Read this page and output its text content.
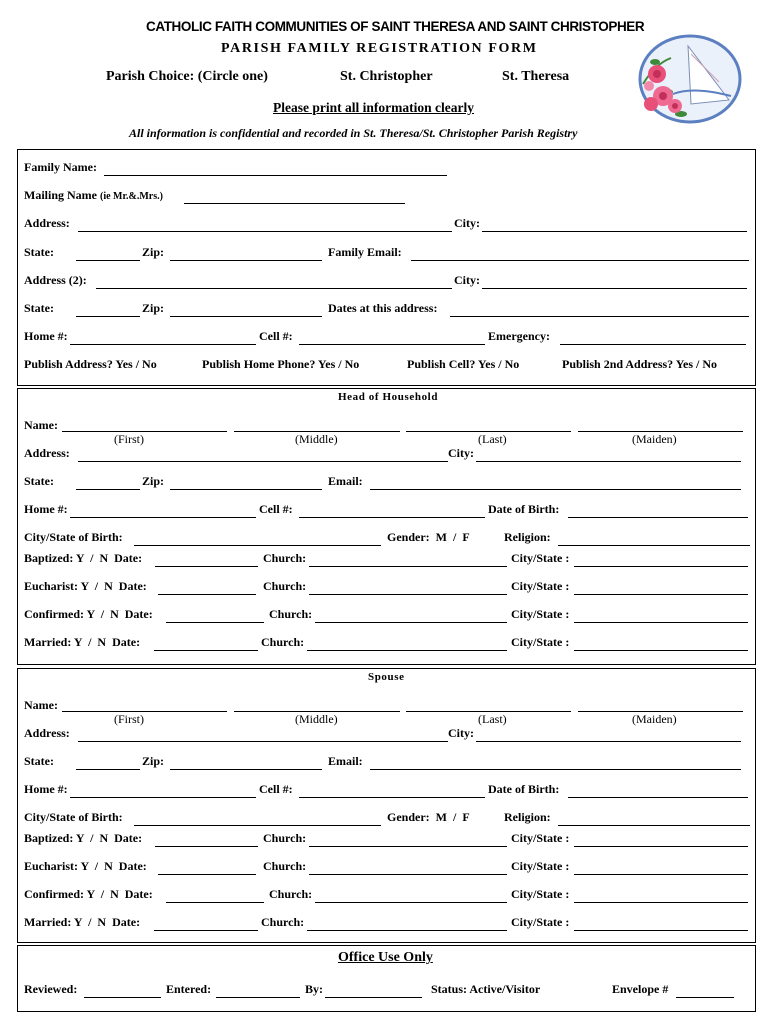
CATHOLIC FAITH COMMUNITIES OF SAINT THERESA AND SAINT CHRISTOPHER
PARISH FAMILY REGISTRATION FORM
Parish Choice: (Circle one)	St. Christopher	St. Theresa
Please print all information clearly
All information is confidential and recorded in St. Theresa/St. Christopher Parish Registry
Family Name:
Mailing Name (ie Mr.&.Mrs.)
Address:	City:
State:	Zip:	Family Email:
Address (2):	City:
State:	Zip:	Dates at this address:
Home #:	Cell #:	Emergency:
Publish Address? Yes / No	Publish Home Phone? Yes / No	Publish Cell? Yes / No	Publish 2nd Address? Yes / No
Head of Household
Name:
(First)	(Middle)	(Last)	(Maiden)
Address:	City:
State:	Zip:	Email:
Home #:	Cell #:	Date of Birth:
City/State of Birth:	Gender:  M  /  F	Religion:
Baptized: Y  /  N  Date:	Church:	City/State :
Eucharist: Y  /  N  Date:	Church:	City/State :
Confirmed: Y  /  N  Date:	Church:	City/State :
Married: Y  /  N  Date:	Church:	City/State :
Spouse
Name:
(First)	(Middle)	(Last)	(Maiden)
Address:	City:
State:	Zip:	Email:
Home #:	Cell #:	Date of Birth:
City/State of Birth:	Gender:  M  /  F	Religion:
Baptized: Y  /  N  Date:	Church:	City/State :
Eucharist: Y  /  N  Date:	Church:	City/State :
Confirmed: Y  /  N  Date:	Church:	City/State :
Married: Y  /  N  Date:	Church:	City/State :
Office Use Only
Reviewed:	Entered:	By:	Status: Active/Visitor	Envelope #
